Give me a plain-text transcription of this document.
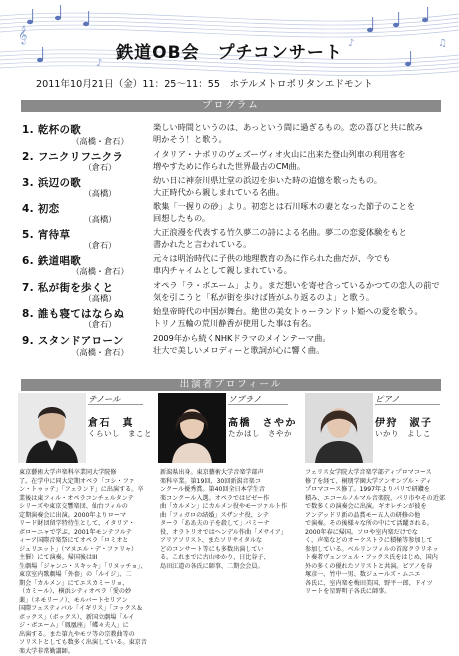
𝄞	♪	♫
♪
鉄道OB会　プチコンサート
2011年10月21日（金）11：25～11：55　ホテルメトロポリタンエドモント
プログラム
1. 乾杯の歌
（高橋・倉石）
楽しい時間というのは、あっという間に過ぎるもの。恋の喜びと共に飲み
明かそう！と歌う。
2. フニクリフニクラ
（倉石）
イタリア・ナポリのヴェズーヴィオ火山に出来た登山列車の利用客を
増やすために作られた世界最古のCM曲。
3. 浜辺の歌
（高橋）
幼い日に神奈川県辻堂の浜辺を歩いた時の追憶を歌ったもの。
大正時代から親しまれている名曲。
4. 初恋
（高橋）
歌集「一握りの砂」より。初恋とは石川啄木の妻となった節子のことを
回想したもの。
5. 宵待草
（倉石）
大正浪漫を代表する竹久夢二の詩による名曲。夢二の恋愛体験をもと
書かれたと言われている。
6. 鉄道唱歌
（高橋・倉石）
元々は明治時代に子供の地理教育の為に作られた曲だが、今でも
車内チャイムとして親しまれている。
7. 私が街を歩くと
（高橋）
オペラ「ラ・ボエーム」より。まだ想いを寄せ合っているかつての恋人の前で
気を引こうと「私が街を歩けば皆がふり返るのよ」と歌う。
8. 誰も寝てはならぬ
（倉石）
始皇帝時代の中国が舞台。絶世の美女トゥーランドット姫への愛を歌う。
トリノ五輪の荒川静香が使用した事は有名。
9. スタンドアローン
（高橋・倉石）
2009年から続くNHKドラマのメインテーマ曲。
壮大で美しいメロディーと歌詞が心に響く曲。
出演者プロフィール
テノール
倉石　真
くらいし　まこと
東京藝術大学声楽科卒業同大学院修
了。在学中に同大定期オペラ「コシ・ファ
ン・トゥッテ」「フェランド」に出演する。卒
業後は東フィル・オペラコンチェルタンテ
シリーズや東京交響楽団、仙台フィルの
定期演奏会に出演。2000年よりローマ
リード財団留学特待生として、イタリア・
ボローニャで学ぶ。2001年モンテフルテ
ィーア国際音楽祭にてオペラ「ロミオと
ジュリエット」（マヌエル・デ・ファリャ）
主催）にて演奏。帰国後はIII
生劇場「ジャンニ・スキッキ」「リヌッチョ」、
東京室内歌劇場「外套」の「ルイジ」、二
期会「カルメン」にてエスカミーリョ、
（カミール）、横浜シティオペラ「愛の妙
薬」（ネモリーノ）、モルバートセリアン
国際フェスティバル「イギリス」「コックス＆
ボックス」（ボックス）、新国立劇場「ルイ
ジ・ボエーム」「鳳凰座」「蝶々夫人」に
出演する。また第九やモツ等の宗教曲等の
ソリストとしても数多く出演している。東京音
楽大学非常勤講師。
ソプラノ
高橋　さやか
たかはし　さやか
新潟県出身。東京藝術大学音楽学部声
楽科卒業。第19回、30回新潟音楽コ
ンクール優秀賞。第40回全日本学生音
楽コンクール入選。オペラではビゼー作
曲「カルメン」にカルメン役やモーツァルト作
曲「フィガロの結婚」スザンナ役、シテ
ターラ「ああ夫の子を殺して」パミーナ
役、オラトリオではヘンデル作曲「メサイア」
アリアソリスト、またソリサイタルな
どのコンサート等にも多数出演してい
る。これまでに古山ゆかり、日比谷子、
島田江道の各氏に師事、二期会会員。
ピアノ
伊狩　淑子
いかり　よしこ
フェリス女学院大学音楽学部ディプロマコース
修了を経て、桐朋学園大学アンサンブル・ディ
プロマコース修了。1997年よりパリで研鑽を
積み、エコールノルマル音楽院、パリ市やその近郊
で数多くの演奏会に出演。ギオレチンが彼を
アンデッドリ新の品賞モー五人の研修の他
で演奏。その後様々な所の中にて活躍される。
2000年春に帰国。ソロや室内楽だけでな
く、声楽などのオーケストラに積極等参加して
参加している。ベルリンフィルの首席クラリネッ
ト奏者ヴェンツェル・フックス氏をはじめ、国内
外の多くの優れたソリストと共演。ピアノを谷
塚彦一、竹中一男、数ジュールズ・ムニエ
各氏に、室内楽を梅田美国、野平一郎、ドイツ
リートを星野明子各氏に師事。
